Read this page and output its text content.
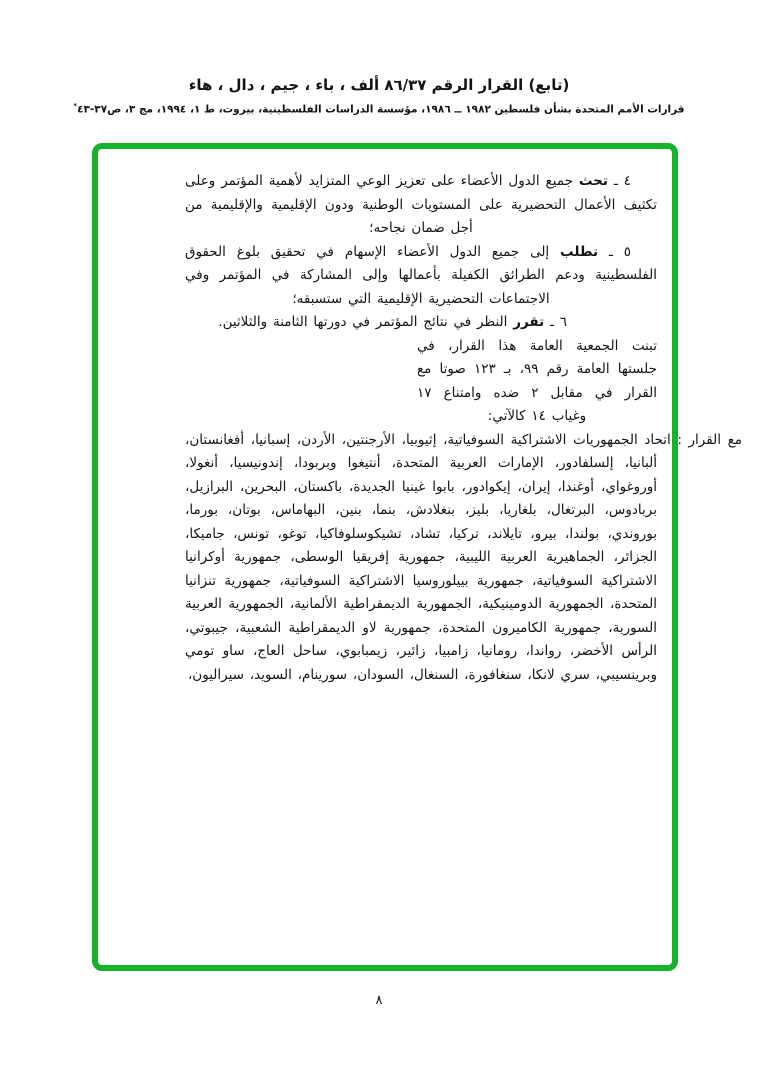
(تابع) القرار الرقم ٨٦/٣٧ ألف ، باء ، جيم ، دال ، هاء
قرارات الأمم المتحدة بشأن فلسطين ١٩٨٢ ــ ١٩٨٦، مؤسسة الدراسات الفلسطينية، بيروت، ط ١، ١٩٩٤، مج ٣، ص٣٧-٤٣*

٤ ـ تحث جميع الدول الأعضاء على تعزيز الوعي المتزايد لأهمية المؤتمر وعلى تكثيف الأعمال التحضيرية على المستويات الوطنية ودون الإقليمية والإقليمية من أجل ضمان نجاحه؛

٥ ـ تطلب إلى جميع الدول الأعضاء الإسهام في تحقيق بلوغ الحقوق الفلسطينية ودعم الطرائق الكفيلة بأعمالها وإلى المشاركة في المؤتمر وفي الاجتماعات التحضيرية الإقليمية التي ستسبقه؛

٦ ـ تقرر النظر في نتائج المؤتمر في دورتها الثامنة والثلاثين.

تبنت الجمعية العامة هذا القرار، في جلستها العامة رقم ٩٩، بـ ١٢٣ صوتا مع القرار في مقابل ٢ ضده وامتناع ١٧ وغياب ١٤ كالآتي:

مع القرار : اتحاد الجمهوريات الاشتراكية السوفياتية، إثيوبيا، الأرجنتين، الأردن، إسبانيا، أفغانستان، ألبانيا، إلسلفادور، الإمارات العربية المتحدة، أنتيغوا وبربودا، إندونيسيا، أنغولا، أوروغواي، أوغندا، إيران، إيكوادور، بابوا غينيا الجديدة، باكستان، البحرين، البرازيل، بربادوس، البرتغال، بلغاريا، بليز، بنغلادش، بنما، بنين، البهاماس، بوتان، بورما، بوروندي، بولندا، بيرو، تايلاند، تركيا، تشاد، تشيكوسلوفاكيا، توغو، تونس، جاميكا، الجزائر، الجماهيرية العربية الليبية، جمهورية إفريقيا الوسطى، جمهورية أوكرانيا الاشتراكية السوفياتية، جمهورية بييلوروسيا الاشتراكية السوفياتية، جمهورية تنزانيا المتحدة، الجمهورية الدومينيكية، الجمهورية الديمقراطية الألمانية، الجمهورية العربية السورية، جمهورية الكاميرون المتحدة، جمهورية لاو الديمقراطية الشعبية، جيبوتي، الرأس الأخضر، رواندا، رومانيا، زامبيا، زائير، زيمبابوي، ساحل العاج، ساو تومي وبرينسيبي، سري لانكا، سنغافورة، السنغال، السودان، سورينام، السويد، سيراليون،

٨
